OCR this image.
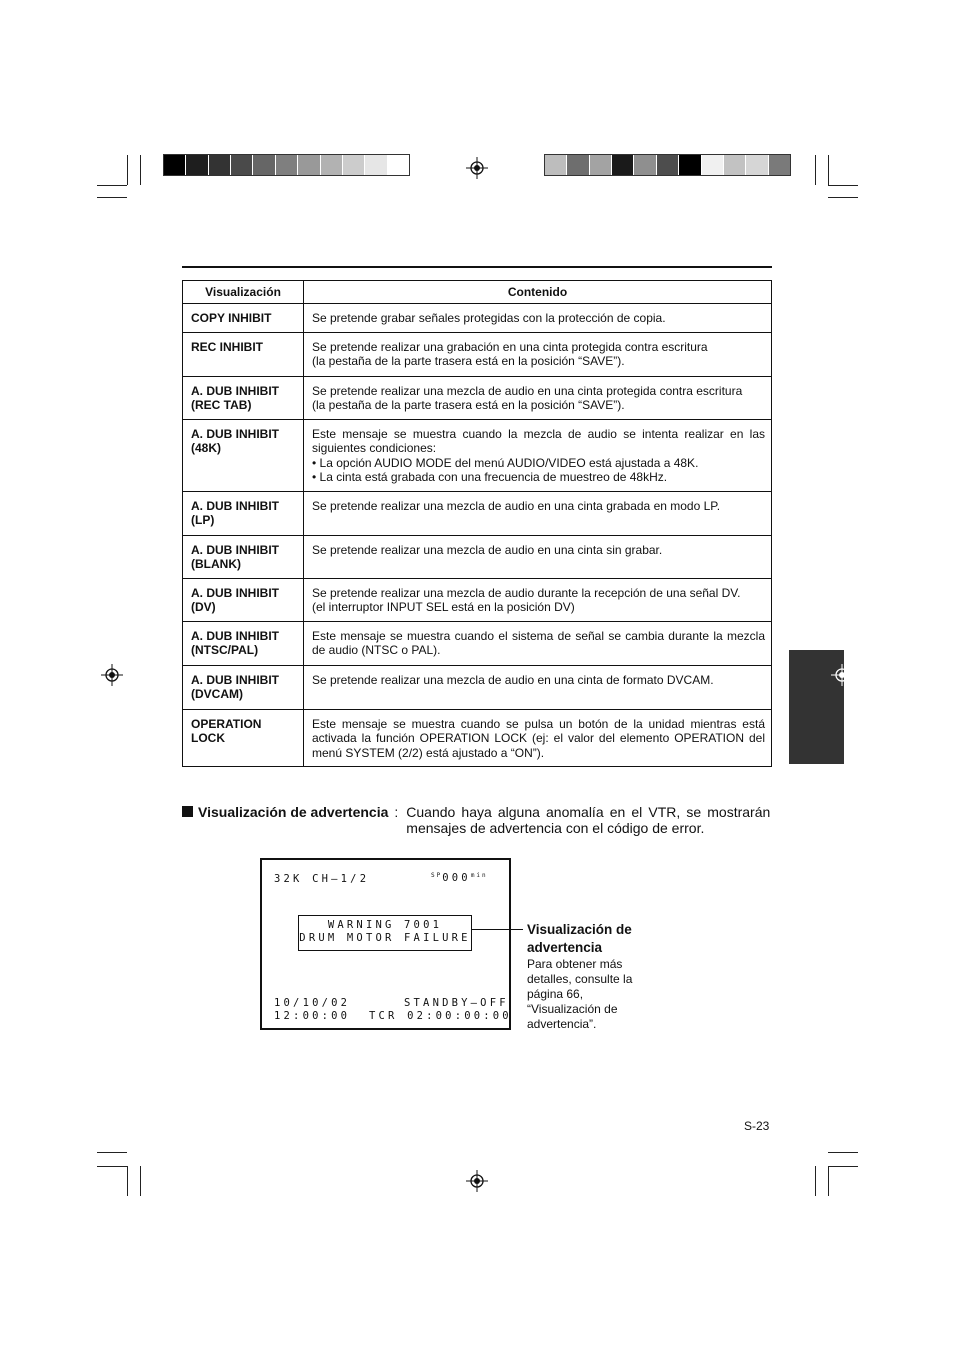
Visualización	Contenido

COPY INHIBIT	Se pretende grabar señales protegidas con la protección de copia.

REC INHIBIT	Se pretende realizar una grabación en una cinta protegida contra escritura
(la pestaña de la parte trasera está en la posición “SAVE”).

A. DUB INHIBIT
(REC TAB)	Se pretende realizar una mezcla de audio en una cinta protegida contra escritura
(la pestaña de la parte trasera está en la posición “SAVE”).

A. DUB INHIBIT
(48K)	Este mensaje se muestra cuando la mezcla de audio se intenta realizar en las siguientes condiciones:
• La opción AUDIO MODE del menú AUDIO/VIDEO está ajustada a 48K.
• La cinta está grabada con una frecuencia de muestreo de 48kHz.

A. DUB INHIBIT
(LP)	Se pretende realizar una mezcla de audio en una cinta grabada en modo LP.

A. DUB INHIBIT
(BLANK)	Se pretende realizar una mezcla de audio en una cinta sin grabar.

A. DUB INHIBIT
(DV)	Se pretende realizar una mezcla de audio durante la recepción de una señal DV.
(el interruptor INPUT SEL está en la posición DV)

A. DUB INHIBIT
(NTSC/PAL)	Este mensaje se muestra cuando el sistema de señal se cambia durante la mezcla de audio (NTSC o PAL).

A. DUB INHIBIT
(DVCAM)	Se pretende realizar una mezcla de audio en una cinta de formato DVCAM.

OPERATION
LOCK	Este mensaje se muestra cuando se pulsa un botón de la unidad mientras está activada la función OPERATION LOCK (ej: el valor del elemento OPERATION del menú SYSTEM (2/2) está ajustado a “ON”).
Visualización de advertencia : Cuando haya alguna anomalía en el VTR, se mostrarán mensajes de advertencia con el código de error.
32K CH–1/2	$^{SP}000^{min}$
WARNING 7001
DRUM MOTOR FAILURE
10/10/02	STANDBY–OFF
12:00:00 TCR 02:00:00:00
Visualización de advertencia
Para obtener más detalles, consulte la página 66, “Visualización de advertencia”.
S-23
